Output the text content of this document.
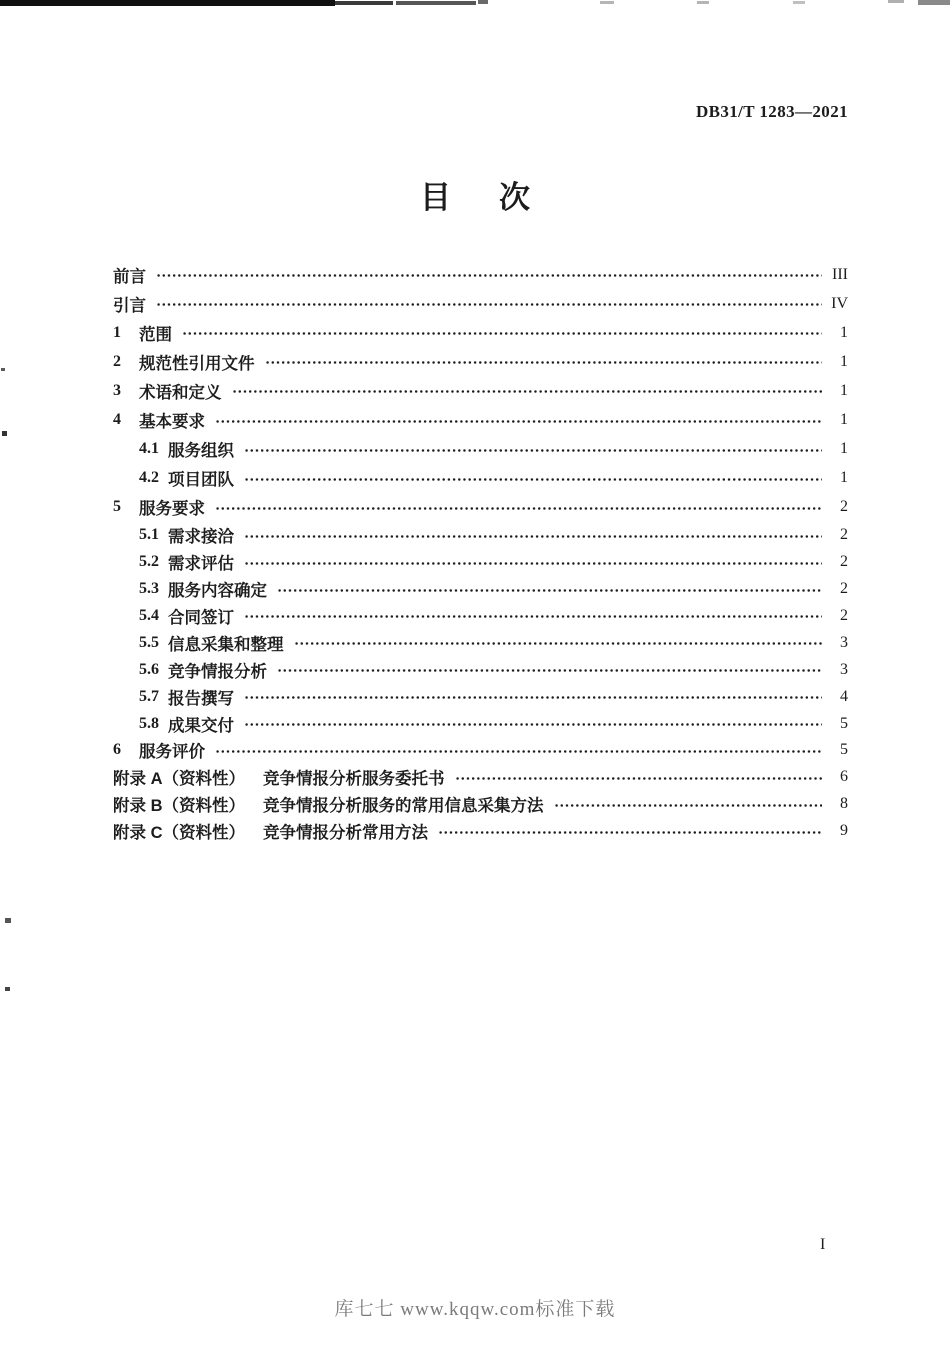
DB31/T 1283—2021
目 次
前言	III
引言	IV
1	范围	1
2	规范性引用文件	1
3	术语和定义	1
4	基本要求	1
4.1 服务组织	1
4.2 项目团队	1
5	服务要求	2
5.1 需求接洽	2
5.2 需求评估	2
5.3 服务内容确定	2
5.4 合同签订	2
5.5 信息采集和整理	3
5.6 竞争情报分析	3
5.7 报告撰写	4
5.8 成果交付	5
6	服务评价	5
附录 A（资料性） 竞争情报分析服务委托书	6
附录 B（资料性） 竞争情报分析服务的常用信息采集方法	8
附录 C（资料性） 竞争情报分析常用方法	9
I
库七七 www.kqqw.com标准下载
